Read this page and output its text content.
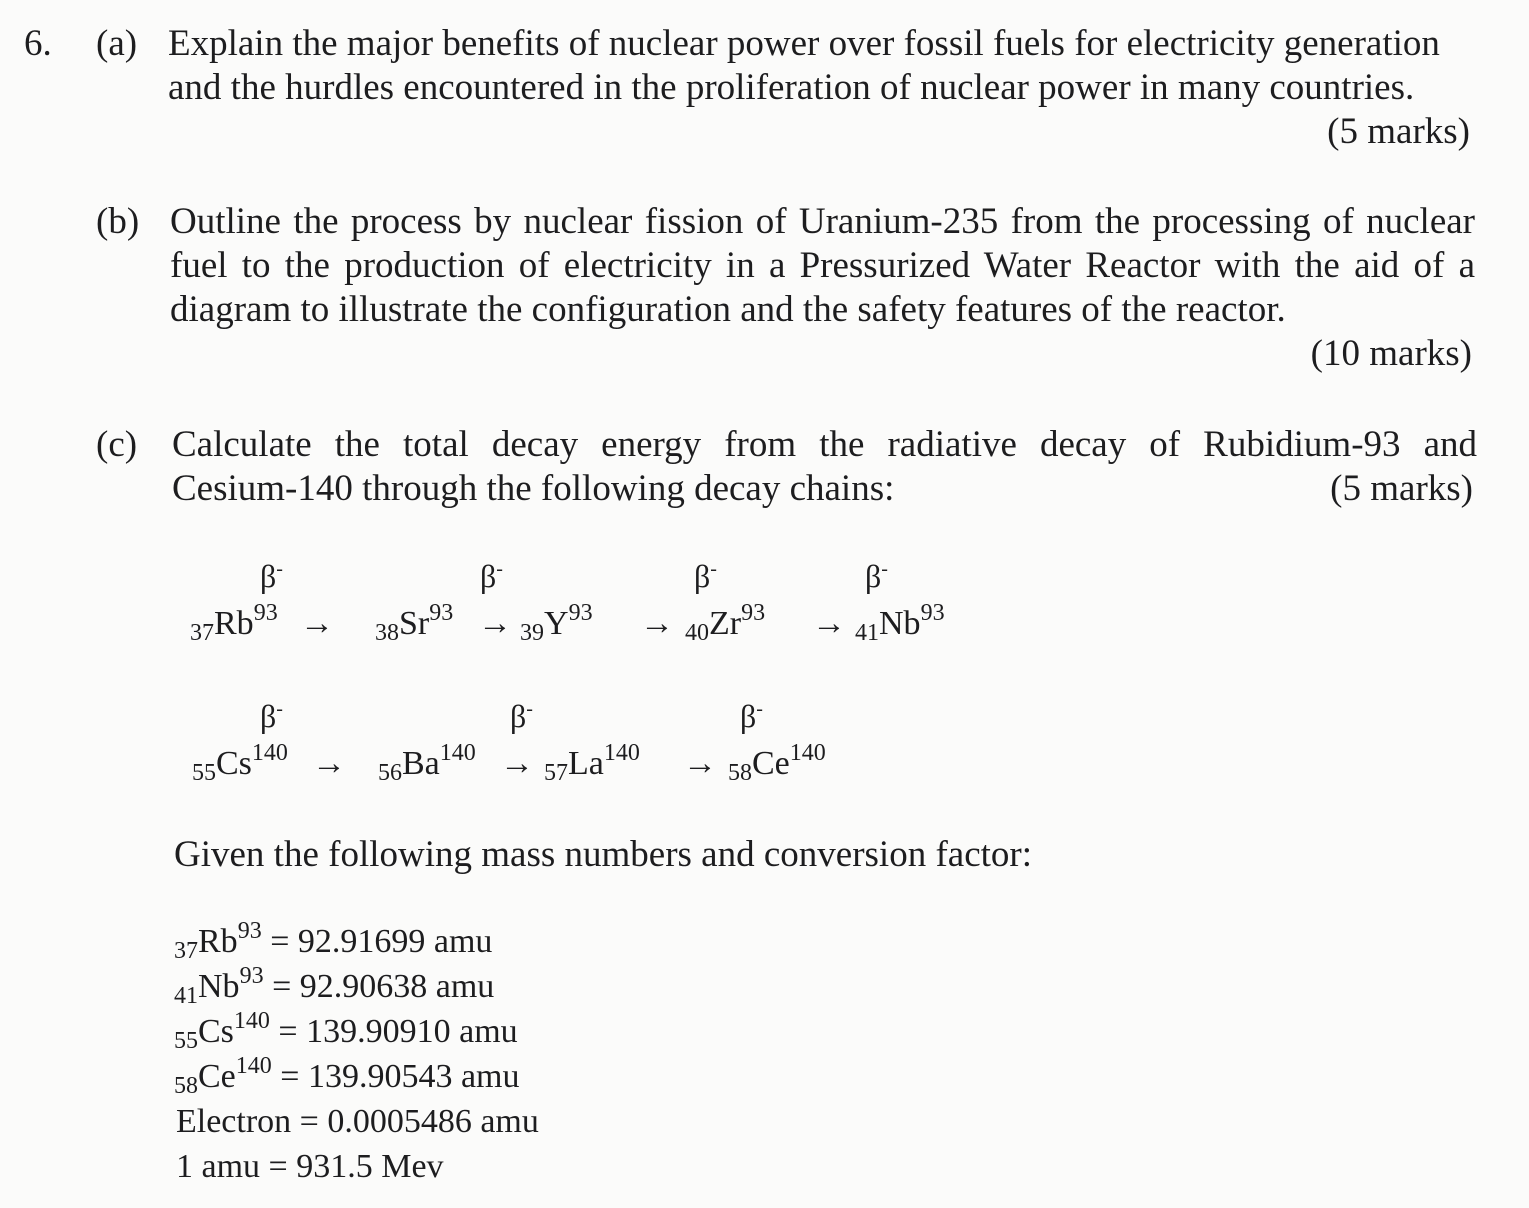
6. (a) Explain the major benefits of nuclear power over fossil fuels for electricity generation
and the hurdles encountered in the proliferation of nuclear power in many countries.
(5 marks)
(b) Outline the process by nuclear fission of Uranium-235 from the processing of nuclear
fuel to the production of electricity in a Pressurized Water Reactor with the aid of a
diagram to illustrate the configuration and the safety features of the reactor.
(10 marks)
(c) Calculate the total decay energy from the radiative decay of Rubidium-93 and
Cesium-140 through the following decay chains:	(5 marks)
β-	β-	β-	β-
$_{37}Rb^{93} \to _{38}Sr^{93} \to _{39}Y^{93} \to _{40}Zr^{93} \to _{41}Nb^{93}$
β-	β-	β-
$_{55}Cs^{140} \to _{56}Ba^{140} \to _{57}La^{140} \to _{58}Ce^{140}$
Given the following mass numbers and conversion factor:
$_{37}Rb^{93} = 92.91699$ amu
$_{41}Nb^{93} = 92.90638$ amu
$_{55}Cs^{140} = 139.90910$ amu
$_{58}Ce^{140} = 139.90543$ amu
Electron = 0.0005486 amu
1 amu = 931.5 Mev
